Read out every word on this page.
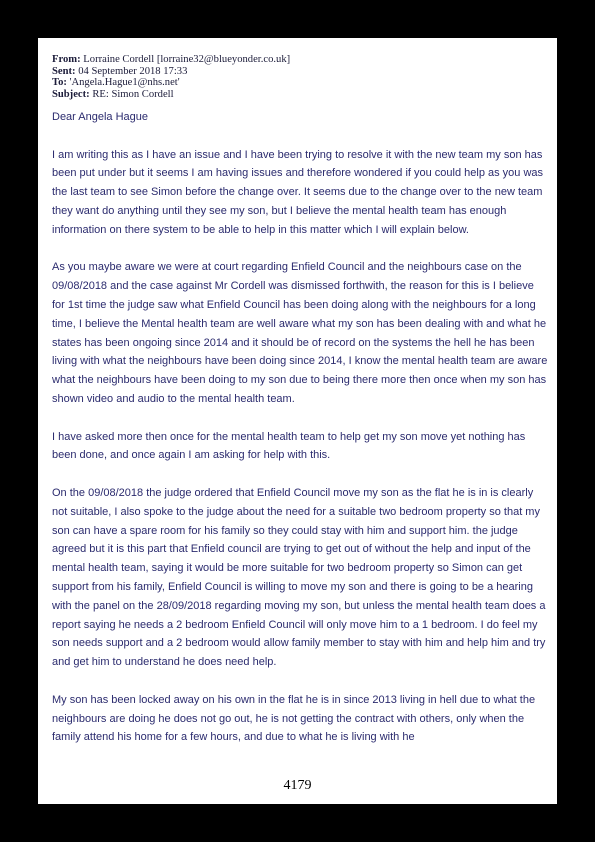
From: Lorraine Cordell [lorraine32@blueyonder.co.uk]
Sent: 04 September 2018 17:33
To: 'Angela.Hague1@nhs.net'
Subject: RE: Simon Cordell

Dear Angela Hague

I am writing this as I have an issue and I have been trying to resolve it with the new team my son has been put under but it seems I am having issues and therefore wondered if you could help as you was the last team to see Simon before the change over. It seems due to the change over to the new team they want do anything until they see my son, but I believe the mental health team has enough information on there system to be able to help in this matter which I will explain below.

As you maybe aware we were at court regarding Enfield Council and the neighbours case on the 09/08/2018 and the case against Mr Cordell was dismissed forthwith, the reason for this is I believe for 1st time the judge saw what Enfield Council has been doing along with the neighbours for a long time, I believe the Mental health team are well aware what my son has been dealing with and what he states has been ongoing since 2014 and it should be of record on the systems the hell he has been living with what the neighbours have been doing since 2014, I know the mental health team are aware what the neighbours have been doing to my son due to being there more then once when my son has shown video and audio to the mental health team.

I have asked more then once for the mental health team to help get my son move yet nothing has been done, and once again I am asking for help with this.

On the 09/08/2018 the judge ordered that Enfield Council move my son as the flat he is in is clearly not suitable, I also spoke to the judge about the need for a suitable two bedroom property so that my son can have a spare room for his family so they could stay with him and support him. the judge agreed but it is this part that Enfield council are trying to get out of without the help and input of the mental health team, saying it would be more suitable for two bedroom property so Simon can get support from his family, Enfield Council is willing to move my son and there is going to be a hearing with the panel on the 28/09/2018 regarding moving my son, but unless the mental health team does a report saying he needs a 2 bedroom Enfield Council will only move him to a 1 bedroom. I do feel my son needs support and a 2 bedroom would allow family member to stay with him and help him and try and get him to understand he does need help.

My son has been locked away on his own in the flat he is in since 2013 living in hell due to what the neighbours are doing he does not go out, he is not getting the contract with others, only when the family attend his home for a few hours, and due to what he is living with he

4179
